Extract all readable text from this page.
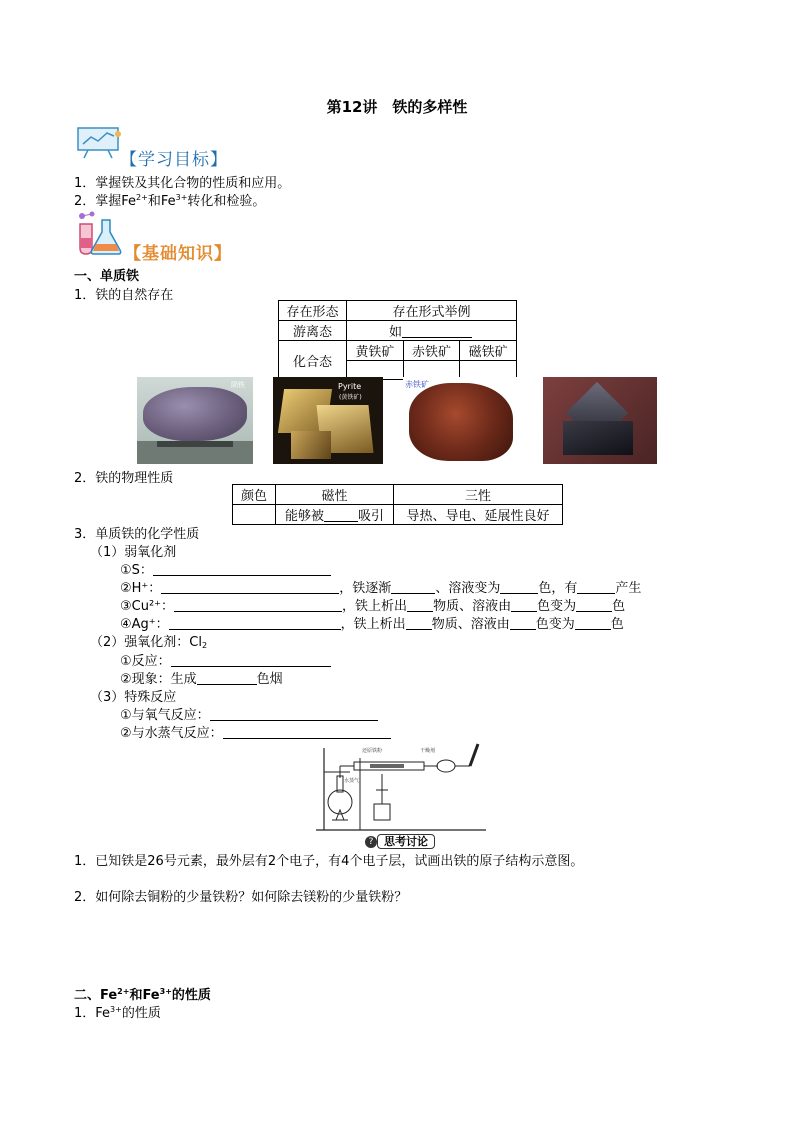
第12讲　铁的多样性
【学习目标】
1．掌握铁及其化合物的性质和应用。
2．掌握$Fe^{2+}$和$Fe^{3+}$转化和检验。
【基础知识】
一、单质铁
1．铁的自然存在
存在形态	存在形式举例		
游离态	如		
化合态	黄铁矿	赤铁矿	磁铁矿

陨铁	Pyrite
(黄铁矿)
赤铁矿
2．铁的物理性质
颜色	磁性	三性
	能够被 吸引	导热、导电、延展性良好
3．单质铁的化学性质
（1）弱氧化剂
①S：
②H⁺：	，铁逐渐	、溶液变为	色，有	产生
③Cu²⁺：	，铁上析出 物质、溶液由 色变为	色
④Ag⁺：	，铁上析出 物质、溶液由 色变为	色
（2）强氧化剂：$Cl_2$
①反应：
②现象：生成	色烟
（3）特殊反应
①与氧气反应：
②与水蒸气反应：
还原铁粉	干燥剂
水蒸气
? 思考讨论
1．已知铁是26号元素，最外层有2个电子，有4个电子层，试画出铁的原子结构示意图。
2．如何除去铜粉的少量铁粉？如何除去镁粉的少量铁粉？
二、$Fe^{2+}$和$Fe^{3+}$的性质
1．$Fe^{3+}$的性质
